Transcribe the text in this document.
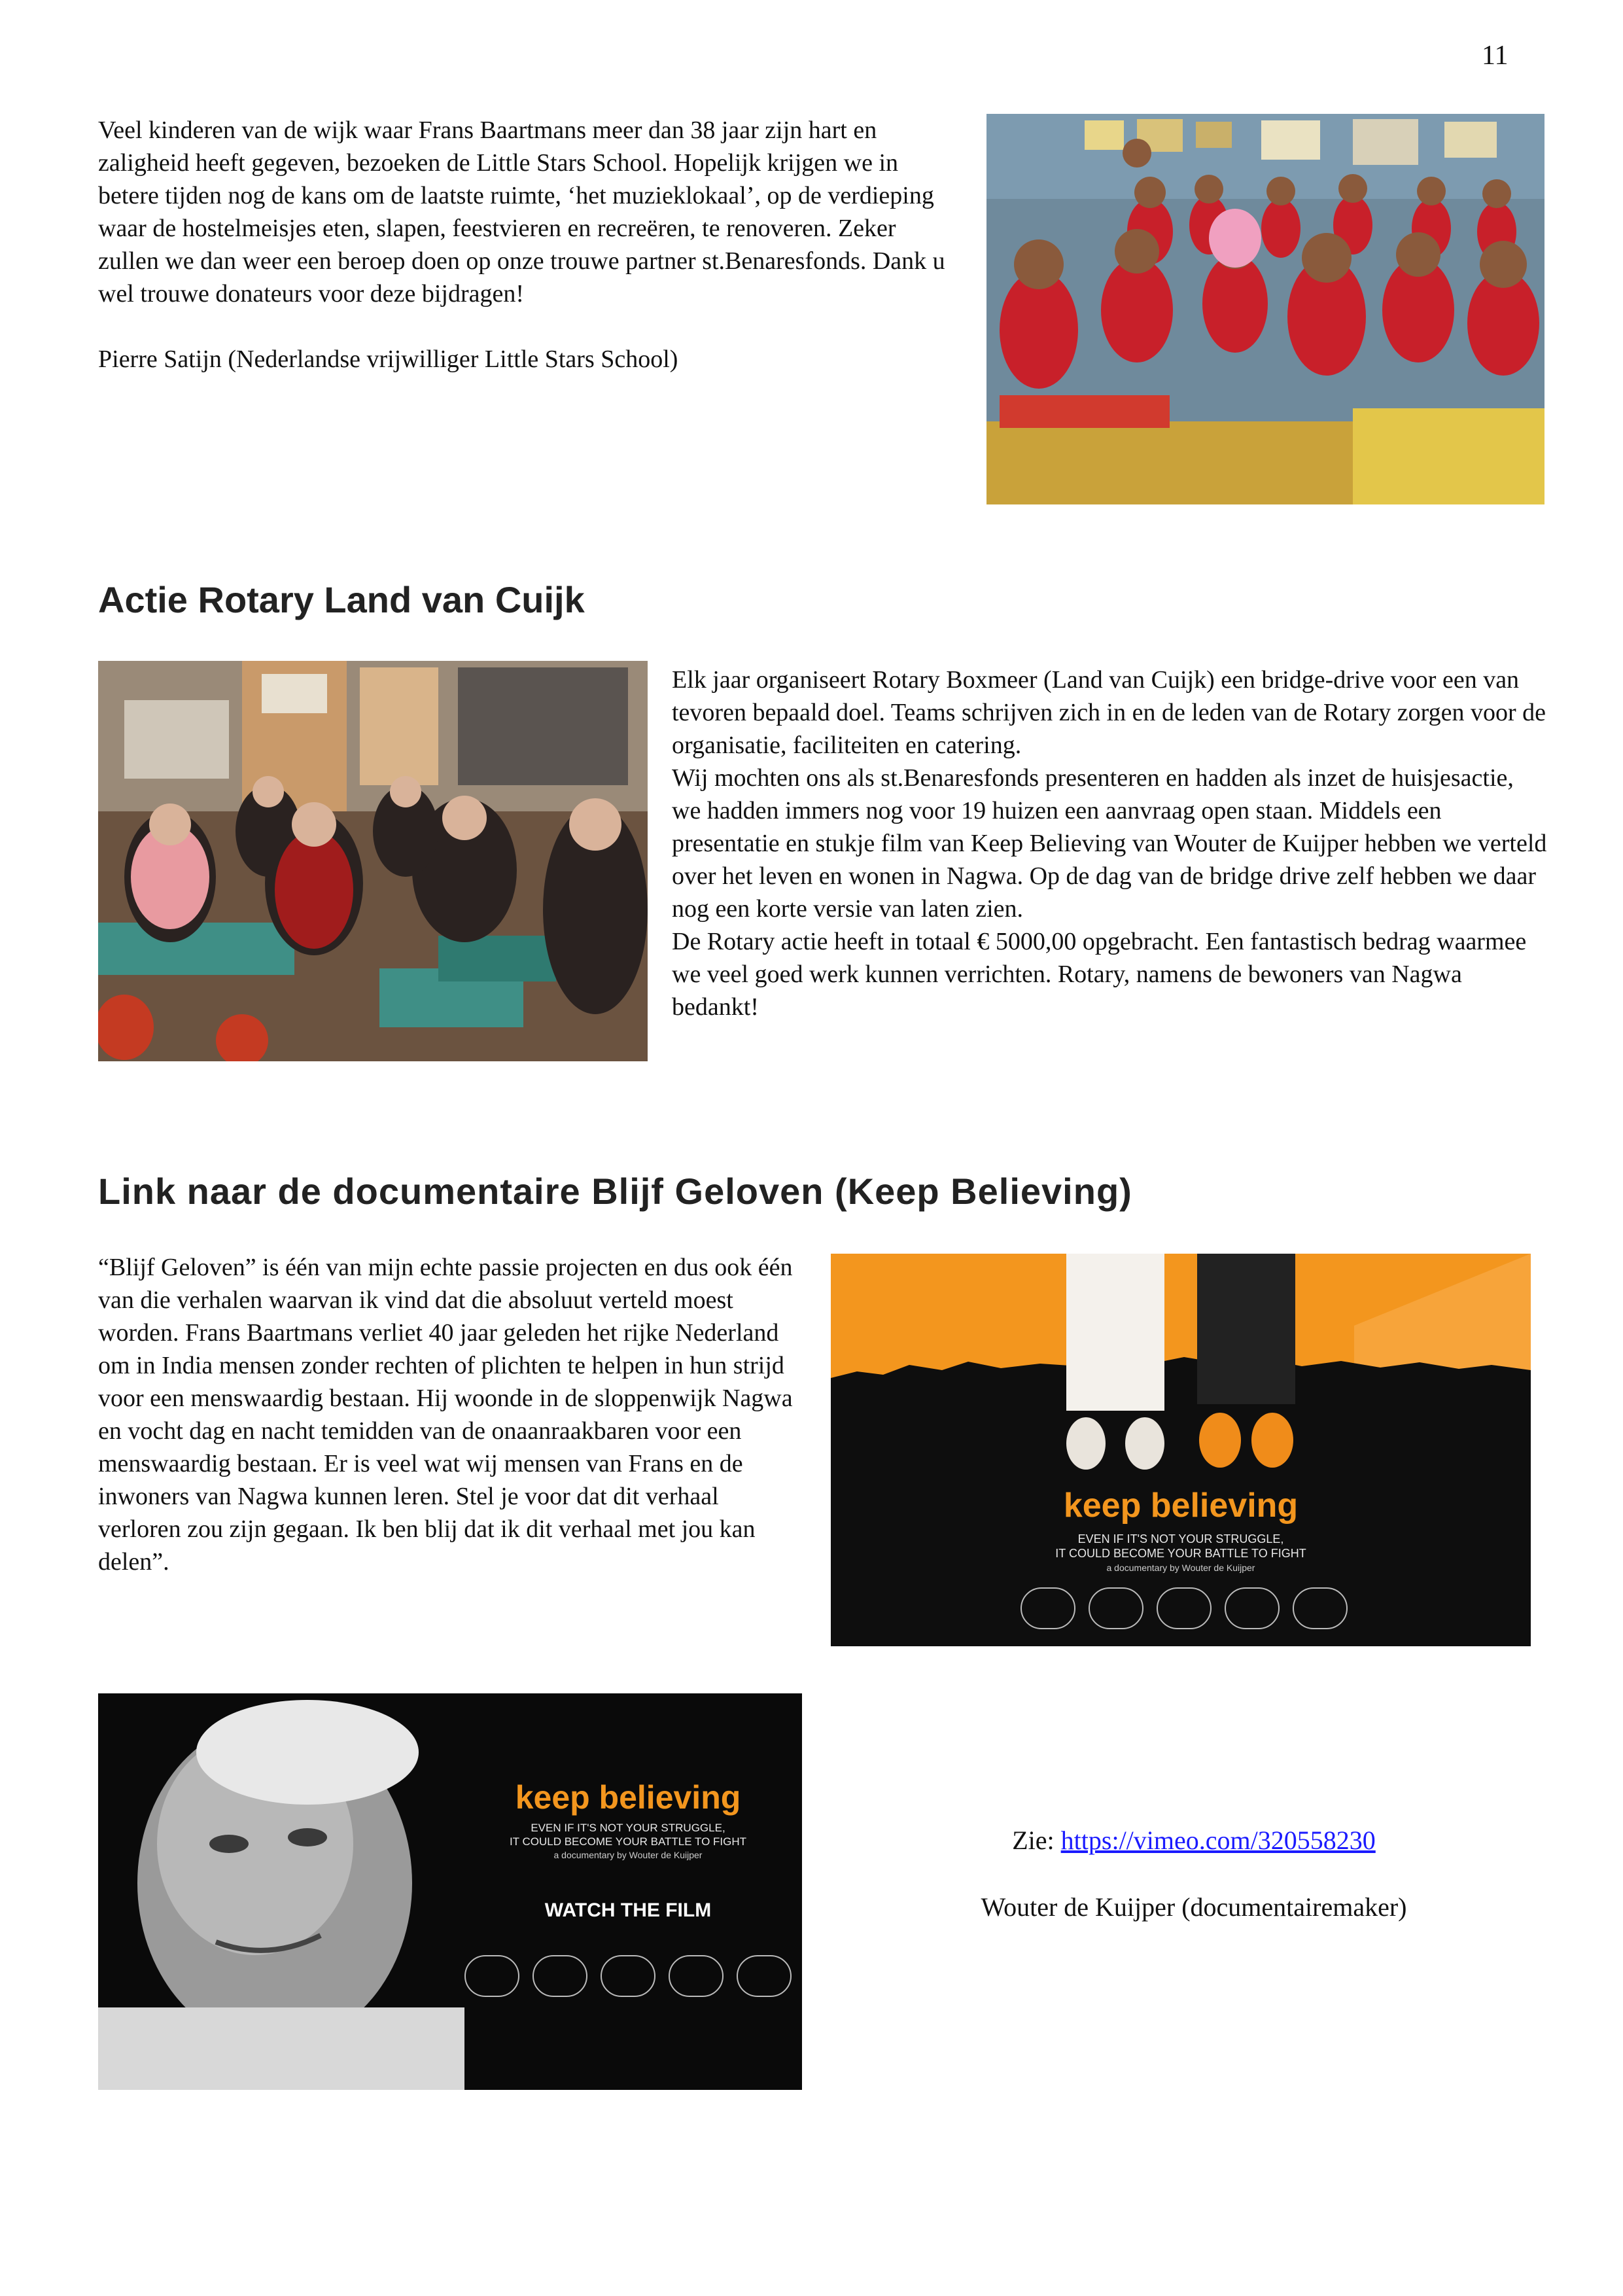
11

Veel kinderen van de wijk waar Frans Baartmans meer dan 38 jaar zijn hart en zaligheid heeft gegeven, bezoeken de Little Stars School. Hopelijk krijgen we in betere tijden nog de kans om de laatste ruimte, ‘het muzieklokaal’, op de verdieping waar de hostelmeisjes eten, slapen, feestvieren en recreëren, te renoveren. Zeker zullen we dan weer een beroep doen op onze trouwe partner st.Benaresfonds. Dank u wel trouwe donateurs voor deze bijdragen!

Pierre Satijn (Nederlandse vrijwilliger Little Stars School)

Actie Rotary Land van Cuijk

Elk jaar organiseert Rotary Boxmeer (Land van Cuijk) een bridge-drive voor een van tevoren bepaald doel. Teams schrijven zich in en de leden van de Rotary zorgen voor de organisatie, faciliteiten en catering.

Wij mochten ons als st.Benaresfonds presenteren en hadden als inzet de huisjesactie, we hadden immers nog voor 19 huizen een aanvraag open staan. Middels een presentatie en stukje film van Keep Believing van Wouter de Kuijper hebben we verteld over het leven en wonen in Nagwa. Op de dag van de bridge drive zelf hebben we daar nog een korte versie van laten zien.

De Rotary actie heeft in totaal € 5000,00 opgebracht. Een fantastisch bedrag waarmee we veel goed werk kunnen verrichten. Rotary, namens de bewoners van Nagwa bedankt!

Link naar de documentaire Blijf Geloven (Keep Believing)
“Blijf Geloven” is één van mijn echte passie projecten en dus ook één van die verhalen waarvan ik vind dat die absoluut verteld moest worden. Frans Baartmans verliet 40 jaar geleden het rijke Nederland om in India mensen zonder rechten of plichten te helpen in hun strijd voor een menswaardig bestaan. Hij woonde in de sloppenwijk Nagwa en vocht dag en nacht temidden van de onaanraakbaren voor een menswaardig bestaan. Er is veel wat wij mensen van Frans en de inwoners van Nagwa kunnen leren. Stel je voor dat dit verhaal verloren zou zijn gegaan. Ik ben blij dat ik dit verhaal met jou kan delen”.
keep believing
EVEN IF IT'S NOT YOUR STRUGGLE,
IT COULD BECOME YOUR BATTLE TO FIGHT
a documentary by Wouter de Kuijper
keep believing
EVEN IF IT'S NOT YOUR STRUGGLE,
IT COULD BECOME YOUR BATTLE TO FIGHT
a documentary by Wouter de Kuijper
WATCH THE FILM
Zie: https://vimeo.com/320558230
Wouter de Kuijper (documentairemaker)
